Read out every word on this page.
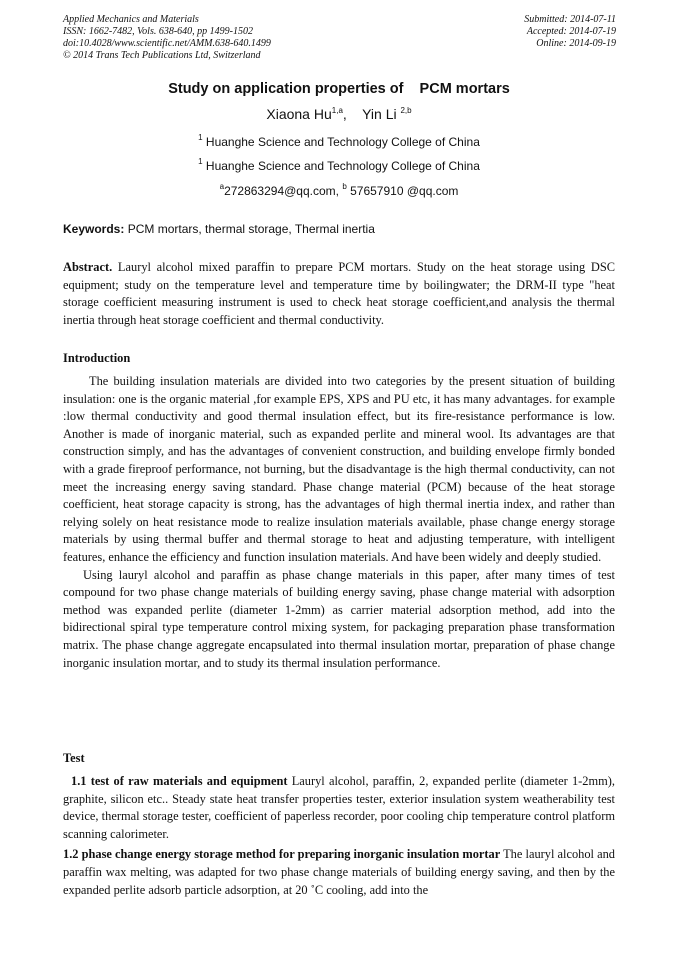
Applied Mechanics and Materials
ISSN: 1662-7482, Vols. 638-640, pp 1499-1502
doi:10.4028/www.scientific.net/AMM.638-640.1499
© 2014 Trans Tech Publications Ltd, Switzerland
Submitted: 2014-07-11
Accepted: 2014-07-19
Online: 2014-09-19
Study on application properties of    PCM mortars
Xiaona Hu$^{1,a}$,    Yin Li $^{2,b}$
$^1$ Huanghe Science and Technology College of China
$^1$ Huanghe Science and Technology College of China
$^a$272863294@qq.com, $^b$ 57657910 @qq.com
Keywords: PCM mortars, thermal storage, Thermal inertia

Abstract. Lauryl alcohol mixed paraffin to prepare PCM mortars. Study on the heat storage using DSC equipment; study on the temperature level and temperature time by boilingwater; the DRM-II type "heat storage coefficient measuring instrument is used to check heat storage coefficient,and analysis the thermal inertia through heat storage coefficient and thermal conductivity.

Introduction

The building insulation materials are divided into two categories by the present situation of building insulation: one is the organic material ,for example EPS, XPS and PU etc, it has many advantages. for example :low thermal conductivity and good thermal insulation effect, but its fire-resistance performance is low. Another is made of inorganic material, such as expanded perlite and mineral wool. Its advantages are that construction simply, and has the advantages of convenient construction, and building envelope firmly bonded with a grade fireproof performance, not burning, but the disadvantage is the high thermal conductivity, can not meet the increasing energy saving standard. Phase change material (PCM) because of the heat storage coefficient, heat storage capacity is strong, has the advantages of high thermal inertia index, and rather than relying solely on heat resistance mode to realize insulation materials available, phase change energy storage materials by using thermal buffer and thermal storage to heat and adjusting temperature, with intelligent features, enhance the efficiency and function insulation materials. And have been widely and deeply studied.

Using lauryl alcohol and paraffin as phase change materials in this paper, after many times of test compound for two phase change materials of building energy saving, phase change material with adsorption method was expanded perlite (diameter 1-2mm) as carrier material adsorption method, add into the bidirectional spiral type temperature control mixing system, for packaging preparation phase transformation matrix. The phase change aggregate encapsulated into thermal insulation mortar, preparation of phase change inorganic insulation mortar, and to study its thermal insulation performance.

Test

1.1 test of raw materials and equipment Lauryl alcohol, paraffin, 2, expanded perlite (diameter 1-2mm), graphite, silicon etc.. Steady state heat transfer properties tester, exterior insulation system weatherability test device, thermal storage tester, coefficient of paperless recorder, poor cooling chip temperature control platform scanning calorimeter.

1.2 phase change energy storage method for preparing inorganic insulation mortar The lauryl alcohol and paraffin wax melting, was adapted for two phase change materials of building energy saving, and then by the expanded perlite adsorb particle adsorption, at 20 ˚C cooling, add into the
